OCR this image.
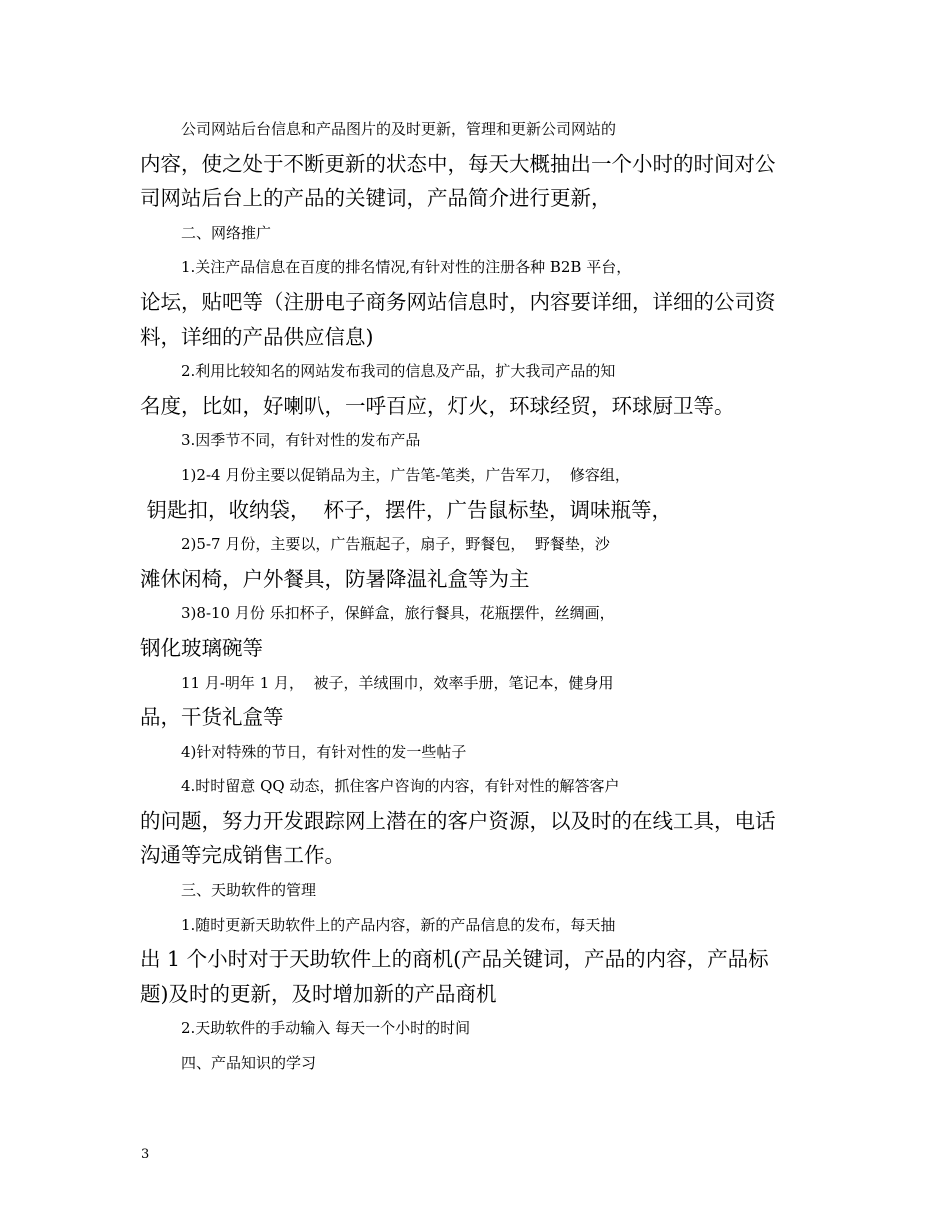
公司网站后台信息和产品图片的及时更新，管理和更新公司网站的
内容，使之处于不断更新的状态中，每天大概抽出一个小时的时间对公
司网站后台上的产品的关键词，产品简介进行更新，
二、网络推广
1.关注产品信息在百度的排名情况,有针对性的注册各种 B2B 平台，
论坛，贴吧等（注册电子商务网站信息时，内容要详细，详细的公司资
料，详细的产品供应信息)
2.利用比较知名的网站发布我司的信息及产品，扩大我司产品的知
名度，比如，好喇叭，一呼百应，灯火，环球经贸，环球厨卫等。
3.因季节不同，有针对性的发布产品
1)2-4 月份主要以促销品为主，广告笔-笔类，广告军刀，  修容组，
钥匙扣，收纳袋，  杯子，摆件，广告鼠标垫，调味瓶等，
2)5-7 月份，主要以，广告瓶起子，扇子，野餐包，  野餐垫，沙
滩休闲椅，户外餐具，防暑降温礼盒等为主
3)8-10 月份 乐扣杯子，保鲜盒，旅行餐具，花瓶摆件，丝绸画，
钢化玻璃碗等
11 月-明年 1 月，  被子，羊绒围巾，效率手册，笔记本，健身用
品，干货礼盒等
4)针对特殊的节日，有针对性的发一些帖子
4.时时留意 QQ 动态，抓住客户咨询的内容，有针对性的解答客户
的问题，努力开发跟踪网上潜在的客户资源，以及时的在线工具，电话
沟通等完成销售工作。
三、天助软件的管理
1.随时更新天助软件上的产品内容，新的产品信息的发布，每天抽
出 1 个小时对于天助软件上的商机(产品关键词，产品的内容，产品标
题)及时的更新，及时增加新的产品商机
2.天助软件的手动输入 每天一个小时的时间
四、产品知识的学习
3
